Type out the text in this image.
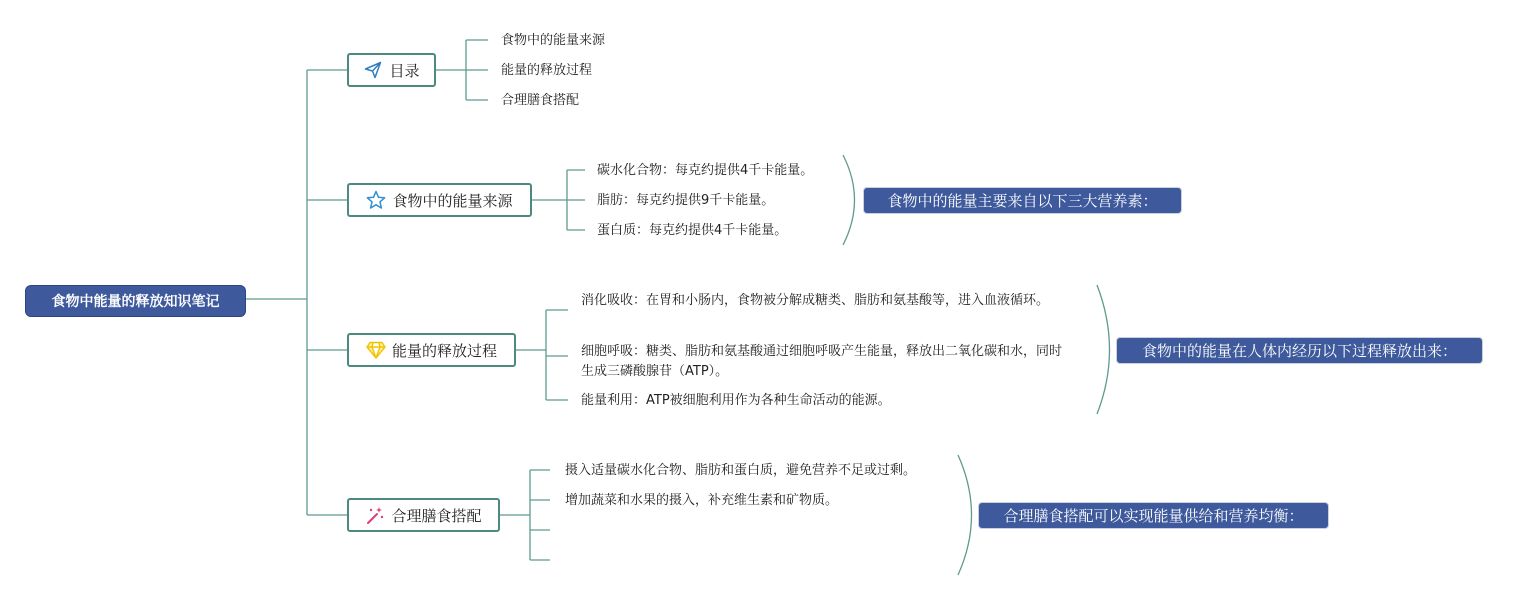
食物中能量的释放知识笔记
目录
食物中的能量来源
能量的释放过程
合理膳食搭配
食物中的能量来源
碳水化合物：每克约提供4千卡能量。
脂肪：每克约提供9千卡能量。
蛋白质：每克约提供4千卡能量。
食物中的能量主要来自以下三大营养素：
能量的释放过程
消化吸收：在胃和小肠内，食物被分解成糖类、脂肪和氨基酸等，进入血液循环。
细胞呼吸：糖类、脂肪和氨基酸通过细胞呼吸产生能量，释放出二氧化碳和水，同时生成三磷酸腺苷（ATP）。
能量利用：ATP被细胞利用作为各种生命活动的能源。
食物中的能量在人体内经历以下过程释放出来：
合理膳食搭配
摄入适量碳水化合物、脂肪和蛋白质，避免营养不足或过剩。
增加蔬菜和水果的摄入，补充维生素和矿物质。
合理膳食搭配可以实现能量供给和营养均衡：
